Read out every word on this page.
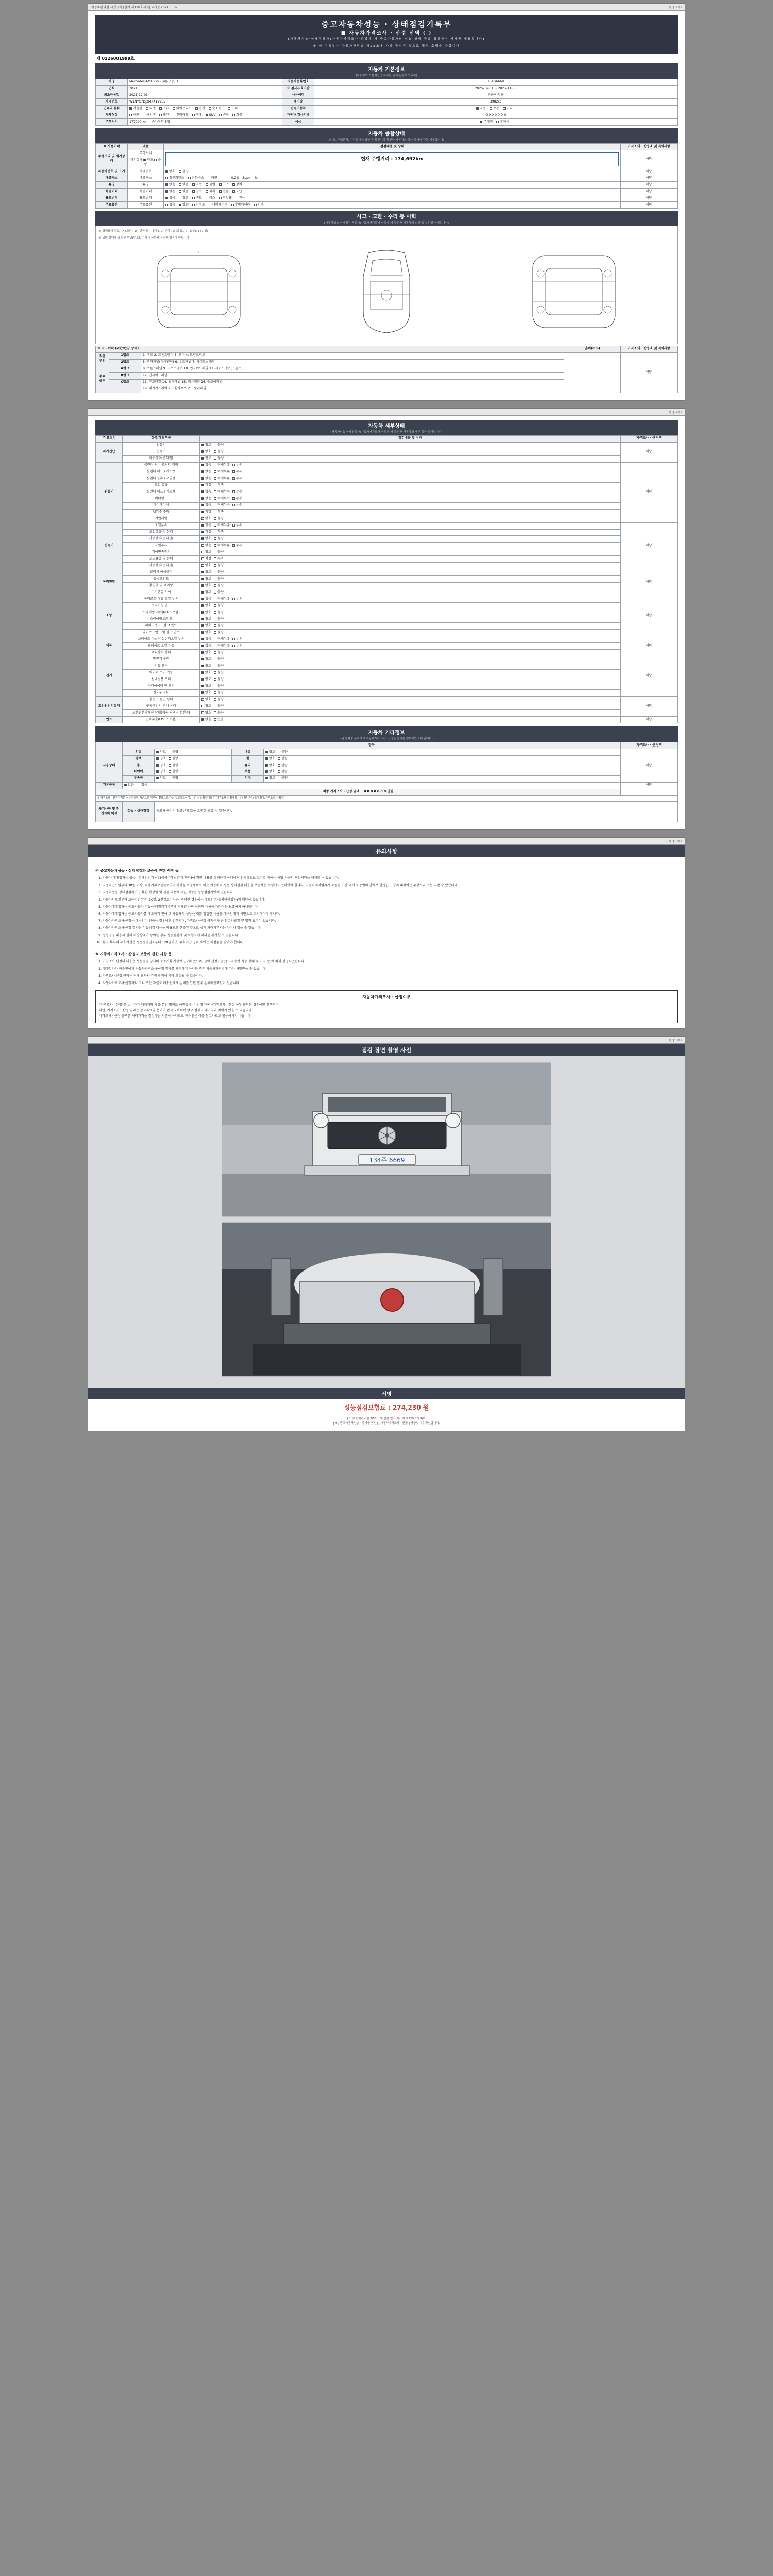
자동차관리법 시행규칙 [별지 제120호서식] <개정 2021.1.5>	(3쪽중 1쪽)
중고자동차성능 · 상태점검기록부
■ 자동차가격조사 · 산정 선택 ( )
[자동차성능·상태점검자(자동차가격조사·산정자)가 중고자동차의 성능·상태 등을 점검하여 기재한 내용입니다]
※ 이 기록부는 자동차관리법 제58조에 따라 작성된 것으로 법적 효력을 가집니다
제 0226001999호
자동차 기본정보
(자동차의 기본적인 등록사항 및 제원정보 입니다)
차명	Mercedes-AMG G63 (4륜구동) 1	자동차등록번호	134G6669
연식	2021	※ 검사유효기간	2025-12-01 ~ 2027-11-30
최초등록일	2021-12-01	사용이력	관용/사업용
차대번호	W1NYC7DJ2MX412955	배기량	3982cc
연료의 종류	가솔린 디젤 LPG 하이브리드 전기 수소전기 기타	변속기종류	자동 수동 기타
차체형상	세단 해치백 왜건 컨버터블 쿠페 SUV 승합 화물	자동차 검사기록	0 0 0 0 0 0 0
주행거리	177990 km 승차정원 5명	색상	무채색 유채색
자동차 종합상태
(사고, 주행흔적, 가격조사·산정인 등 확인사항 확인한 자동차의 성능·상태에 관한 기재합니다)
※ 사용이력	내용	점검내용 및 상태	가격조사 · 산정액 및 특이사항
주행거리 및 계기상태	주행거리	현재 주행거리 : 174,692km	해당
	계기상태 양호 불량		
자동차번호 및 표기	차대번호	양호 불량	해당
배출가스	배출가스	일산화탄소 탄화수소 매연 0.2%   3ppm   %	해당
튜닝	튜닝	없음 있음 적법 불법 구조 장치	해당
특별이력	특별이력	없음 있음 침수 화재 전손 도난	해당
용도변경	용도변경	없음 있음 렌트 리스 영업용 관용	해당
주요옵션	주요옵션	없음 있음 선루프 내비게이션 후방카메라 기타	해당
사고 · 교환 · 수리 등 이력
(자동차성능·상태점검 책임시(자동차가격조사·산정자)가 확인한 자동차의 외판 등 부위별 상태입니다)
※ 상태표시 부호 : X (교환), W (판금 또는 용접), C (부식), A (흠집), U (요철), T (손상)
※ 위의 상태에 표기된 부위(번호), 기타 부품까지 점검한 항목에 한합니다
1
※ 사고이력 (외판/판금 상태)			단위(mm)	가격조사 · 산정액 및 특이사항
외판
부위	1랭크	1. 후드 2. 프론트펜더 3. 도어 4. 트렁크리드		해당
	2랭크	5. 쿼터패널(리어펜더) 6. 루프패널 7. 사이드실패널		
주요
골격	A랭크	8. 프론트패널 9. 크로스멤버 10. 인사이드패널 11. 사이드멤버(프론트)		
	B랭크	12. 인사이드패널		
	C랭크	13. 루프레일 14. 필라패널 15. 대쉬패널 16. 플로어패널		
		19. 패키지트레이 20. 휠하우스 21. 필러패널		

(3쪽중 2쪽)
자동차 세부상태
(자동차성능·상태점검자(자동차가격조사·산정자)가 확인한 자동차의 세부 성능·상태입니다)
주 요장치	항목/해당부품	점검내용 및 상태	가격조사 · 산정액
자기진단	원동기	양호 불량	해당
	변속기	양호 불량	
	작동상태(공회전)	양호 불량	
원동기	실린더 커버 로커암 커버	없음 미세누유 누유	해당
	실린더 헤드 / 가스켓	없음 미세누유 누유	
	실린더 블록 / 오일팬	없음 미세누유 누유	
	오일 유량	적정 부족	
	실린더 헤드 / 가스켓	없음 미세누수 누수	
	워터펌프	없음 미세누수 누수	
	라디에이터	없음 미세누수 누수	
	냉각수 수량	적정 부족	
	커먼레일	양호 불량	
변속기	오일누유	없음 미세누유 누유	해당
	오일유량 및 상태	적정 부족	
	작동상태(공회전)	양호 불량	
	오일누유	없음 미세누유 누유	
	기어변속장치	양호 불량	
	오일유량 및 상태	적정 부족	
	작동상태(공회전)	양호 불량	
동력전달	클러치 어셈블리	양호 불량	해당
	등속조인트	양호 불량	
	추진축 및 베어링	양호 불량	
	디퍼렌셜 기어	양호 불량	
조향	동력조향 작동 오일 누유	없음 미세누유 누유	해당
	스티어링 펌프	양호 불량	
	스티어링 기어(MDPS포함)	양호 불량	
	스티어링 조인트	양호 불량	
	파워크랭크', 볼 조인트	양호 불량	
	타이로드엔드 및 볼 조인트	양호 불량	
제동	브레이크 마스터 실린더오일 누유	없음 미세누유 누유	해당
	브레이크 오일 누유	없음 미세누유 누유	
	배력장치 상태	양호 불량	
전기	발전기 출력	양호 불량	해당
	시동 모터	양호 불량	
	와이퍼 모터 기능	양호 불량	
	실내송풍 모터	양호 불량	
	라디에이터 팬 모터	양호 불량	
	윈도우 모터	양호 불량	
고전원전기장치	충전구 절연 상태	양호 불량	해당
	구동축전지 격리 상태	양호 불량	
	고전원전기배선 상태(피복,커넥터,전선관)	양호 불량	
연료	연료누출(LP가스포함)	없음 있음	해당
자동차 기타정보
(위 항목중 용차자의 자동차가격조사 · 산정을 참하는 경우에만 기재됩니다)
	항목				가격조사 · 산정액
사용상태	외장	양호 불량	내장	양호 불량	해당
	광택	양호 불량	휠	양호 불량	
	룸	양호 불량	유리	양호 불량	
	타이어	양호 불량	부품	양호 불량	
	부속품	양호 불량	기타	양호 불량	
기본품목	없음 있음				해당
최종 가격조사 · 산정 금액 0 0 0 0 0 0 0 만원					
※ 가격조사 · 산정가격은 성능점검일 기준으로 이루어 졌으므로 단순 참고자료이며, □ 성능점검내용 □ 가격조사·산정내용 □ 확인자(성능점검자/가격조사·산정자)					
특기사항 및 점검자의 의견	성능 · 상태점검	중고차 특성상 보증받지 않을 요귀한 오류 수 있습니다.			

(3쪽중 3쪽)
유의사항
※ 중고자동차성능 · 상태점검과 보증에 관한 사항 등
1. 자동차 매매업자는 성능 · 상태점검기록부(이하 "기록부"라 한다)에 적힌 내용을 고지하지 아니하거나 거짓으로 고지할 때에는 해당 차량의 구입계약을 해제할 수 있습니다.
2. 자동차인도일부터 30일 이상, 주행거리 2천킬로미터 이상을 보증범위로 하는 자동차의 성능·상태점검 내용을 보증하는 보험에 가입하여야 합니다. 자동차매매업자가 보증한 기간 내에 보증범위 안에서 발생한 고장에 대하여는 무상수리 또는 교환 수 있습니다.
3. 자동차성능·상태점검자가 기록한 작성일 및 점검 내용에 대한 책임은 성능점검자에게 있습니다.
4. 자동차인도일부터 보증기간(기간 30일, 2천킬로미터)이 경과한 경우에는 매도인(자동차매매업자)의 책임이 없습니다.
5. 자동차매매업자는 중고자동차 성능·상태점검기록부에 기재된 사항 이외의 내용에 대하여는 보증하지 아니합니다.
6. 자동차매매업자는 중고자동차를 매도하기 전에 그 자동차의 성능·상태를 점검한 내용을 매수인에게 서면으로 고지하여야 합니다.
7. 자동차가격조사·산정은 매수인이 원하는 경우에만 진행되며, 가격조사·산정 금액은 단순 참고자료일 뿐 법적 효력이 없습니다.
8. 자동차가격조사·산정 결과는 성능점검 내용을 바탕으로 산출된 것으로 실제 거래가격과는 차이가 있을 수 있습니다.
9. 성능점검 내용과 실제 차량상태가 상이한 경우 성능점검자 및 보험사에 이의를 제기할 수 있습니다.
10. 본 기록부의 유효기간은 성능점검일로부터 120일이며, 유효기간 경과 후에는 재점검을 받아야 합니다.
※ 자동차가격조사 · 산정자 보증에 관한 사항 등
1. 가격조사·산정의 내용은 성능점검 당시의 보증기록 사항에 근거하였으며, 금액 산정기준(중고자동차 성능·상태 및 가격 등)에 따라 산정되었습니다.
2. 매매업자가 매수인에게 자동차가격조사·산정 결과를 제시하지 아니한 경우 자동차관리법에 따라 처벌받을 수 있습니다.
3. 가격조사·산정 금액은 거래 당사자 간의 합의에 따라 조정될 수 있습니다.
4. 자동차가격조사·산정자의 고의 또는 과실로 매수인에게 손해를 입힌 경우 손해배상책임이 있습니다.
자동차가격조사 · 산정여부
"가격조사 · 산정"은 소비자가 매매계약 체결(본인 명의로 이전등록) 이전에 자동차가격조사 · 산정 여부 희망한 경우에만 진행되며,
다만, 가격조사 · 산정 결과는 참고자료일 뿐이며 법적 구속력이 없고 실제 거래가격과 차이가 있을 수 있습니다.
가격조사 · 산정 금액은 거래가격을 결정하는 기준이 아니므로 매수인은 이를 참고자료로 활용하시기 바랍니다.

(3쪽중 3쪽)
점검 장면 촬영 사진
134주 6669
서명
성능점검보험료 : 274,230 원
[ * ]자동차관리법 제58조 및 같은 법 시행규칙 제120조에 따라
[ Y ] 중고자동차성능 · 상태를 점검 [ ]자동차가격조사 · 산정 ] 사항입니다 확인합니다.
